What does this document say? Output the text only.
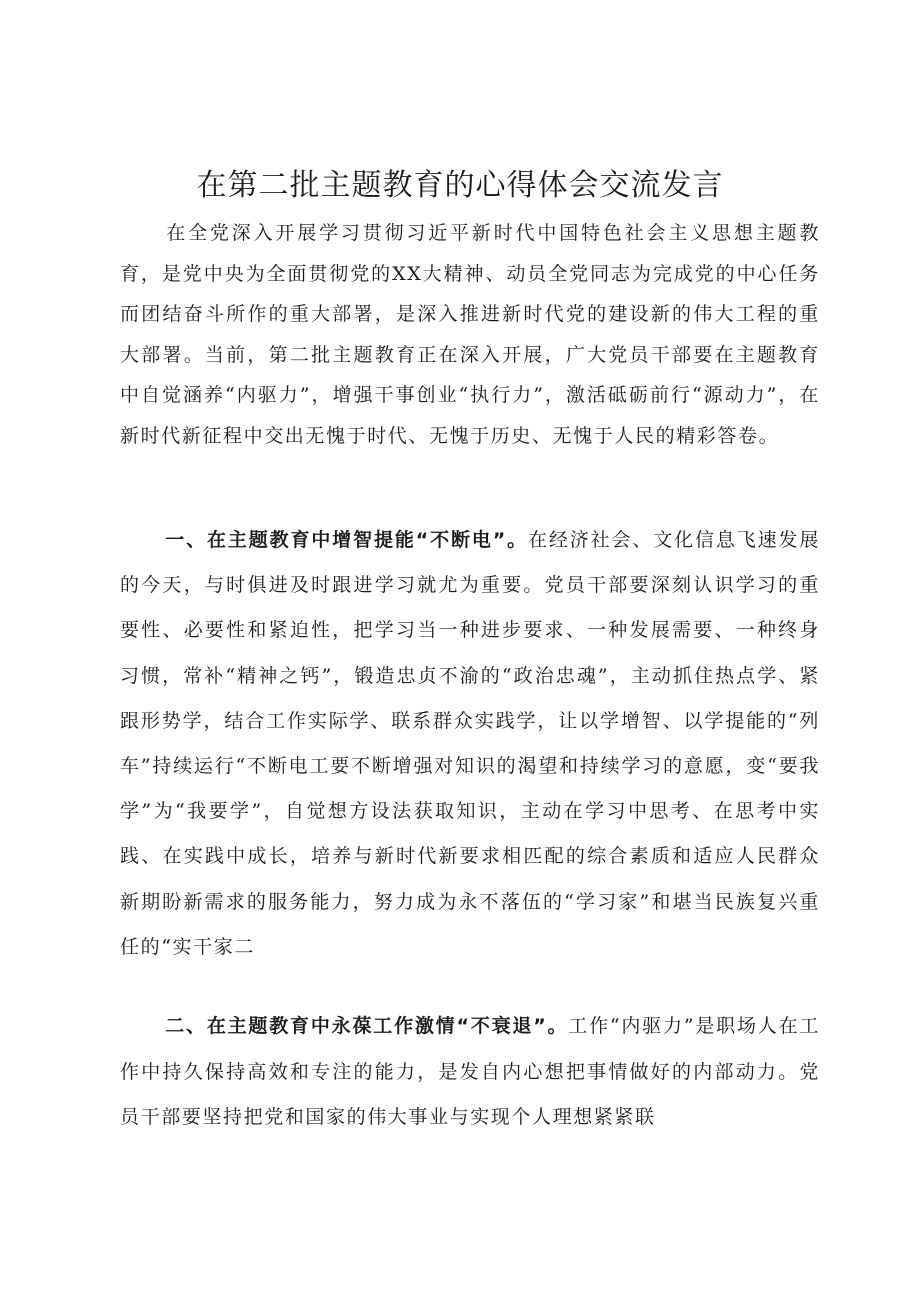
在第二批主题教育的心得体会交流发言

在全党深入开展学习贯彻习近平新时代中国特色社会主义思想主题教育，是党中央为全面贯彻党的XX大精神、动员全党同志为完成党的中心任务而团结奋斗所作的重大部署，是深入推进新时代党的建设新的伟大工程的重大部署。当前，第二批主题教育正在深入开展，广大党员干部要在主题教育中自觉涵养“内驱力”，增强干事创业“执行力”，激活砥砺前行“源动力”，在新时代新征程中交出无愧于时代、无愧于历史、无愧于人民的精彩答卷。

一、在主题教育中增智提能“不断电”。在经济社会、文化信息飞速发展的今天，与时俱进及时跟进学习就尤为重要。党员干部要深刻认识学习的重要性、必要性和紧迫性，把学习当一种进步要求、一种发展需要、一种终身习惯，常补“精神之钙”，锻造忠贞不渝的“政治忠魂”，主动抓住热点学、紧跟形势学，结合工作实际学、联系群众实践学，让以学增智、以学提能的“列车”持续运行“不断电工要不断增强对知识的渴望和持续学习的意愿，变“要我学”为“我要学”，自觉想方设法获取知识，主动在学习中思考、在思考中实践、在实践中成长，培养与新时代新要求相匹配的综合素质和适应人民群众新期盼新需求的服务能力，努力成为永不落伍的“学习家”和堪当民族复兴重任的“实干家二

二、在主题教育中永葆工作激情“不衰退”。工作“内驱力”是职场人在工作中持久保持高效和专注的能力，是发自内心想把事情做好的内部动力。党员干部要坚持把党和国家的伟大事业与实现个人理想紧紧联
